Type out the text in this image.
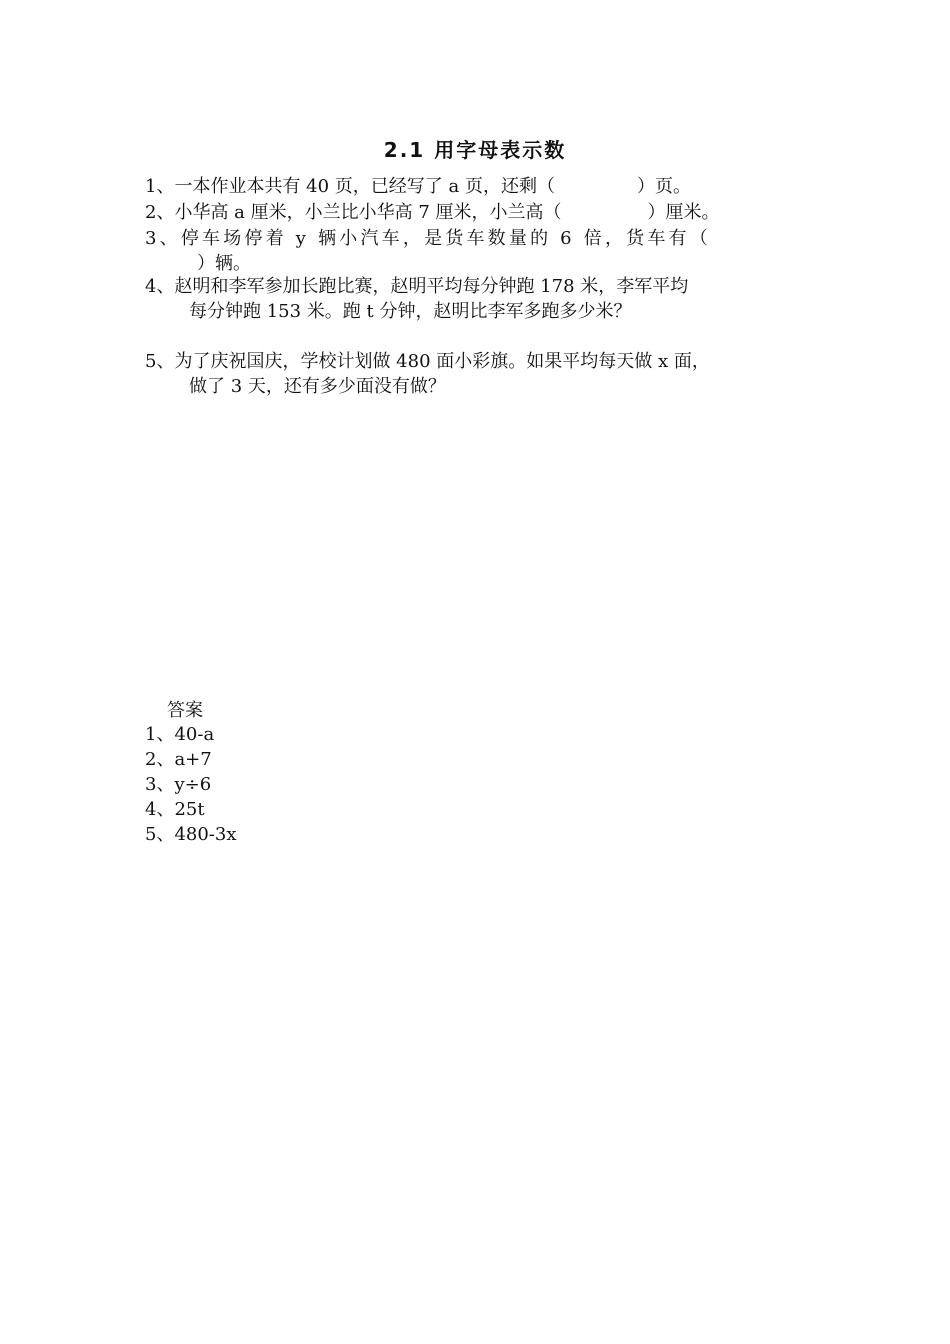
2.1 用字母表示数
1、一本作业本共有 40 页，已经写了 a 页，还剩（	）页。
2、小华高 a 厘米，小兰比小华高 7 厘米，小兰高（	）厘米。
3、停车场停着 y 辆小汽车，是货车数量的 6 倍，货车有（
）辆。
4、赵明和李军参加长跑比赛，赵明平均每分钟跑 178 米，李军平均
每分钟跑 153 米。跑 t 分钟，赵明比李军多跑多少米？
5、为了庆祝国庆，学校计划做 480 面小彩旗。如果平均每天做 x 面，
做了 3 天，还有多少面没有做？
答案
1、40-a
2、a+7
3、y÷6
4、25t
5、480-3x
